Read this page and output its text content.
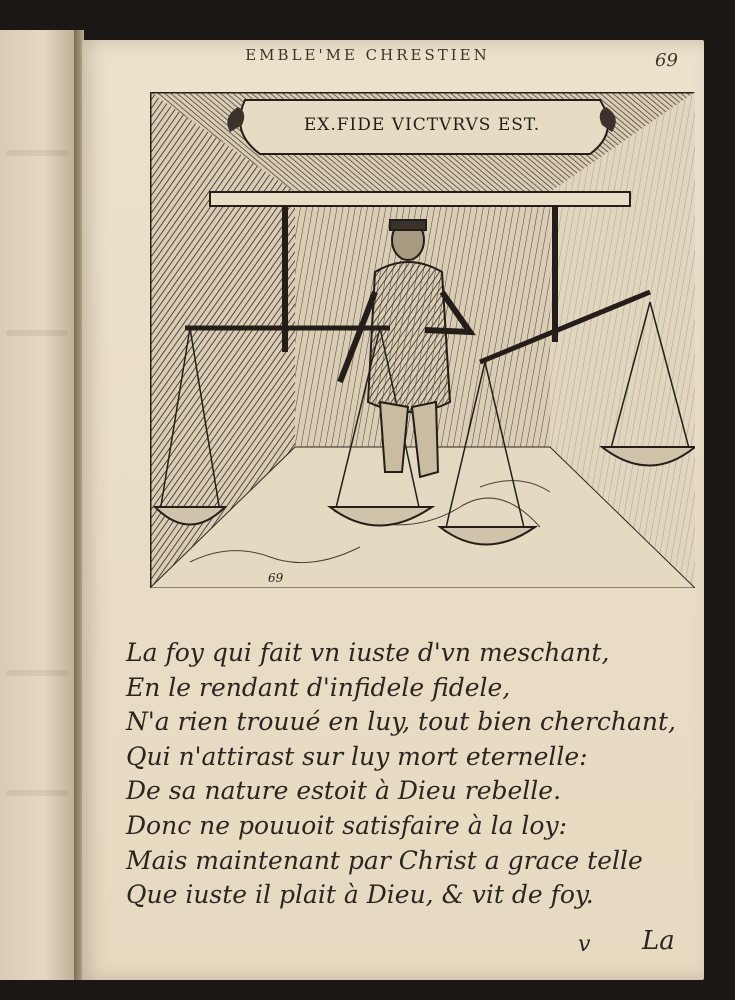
EMBLE'ME CHRESTIEN	69
EX.FIDE VICTVRVS EST.
69
La foy qui fait vn iuste d'vn meschant,
En le rendant d'infidele fidele,
N'a rien trouué en luy, tout bien cherchant,
Qui n'attirast sur luy mort eternelle:
De sa nature estoit à Dieu rebelle.
Donc ne pouuoit satisfaire à la loy:
Mais maintenant par Christ a grace telle
Que iuste il plait à Dieu, & vit de foy.
v La
